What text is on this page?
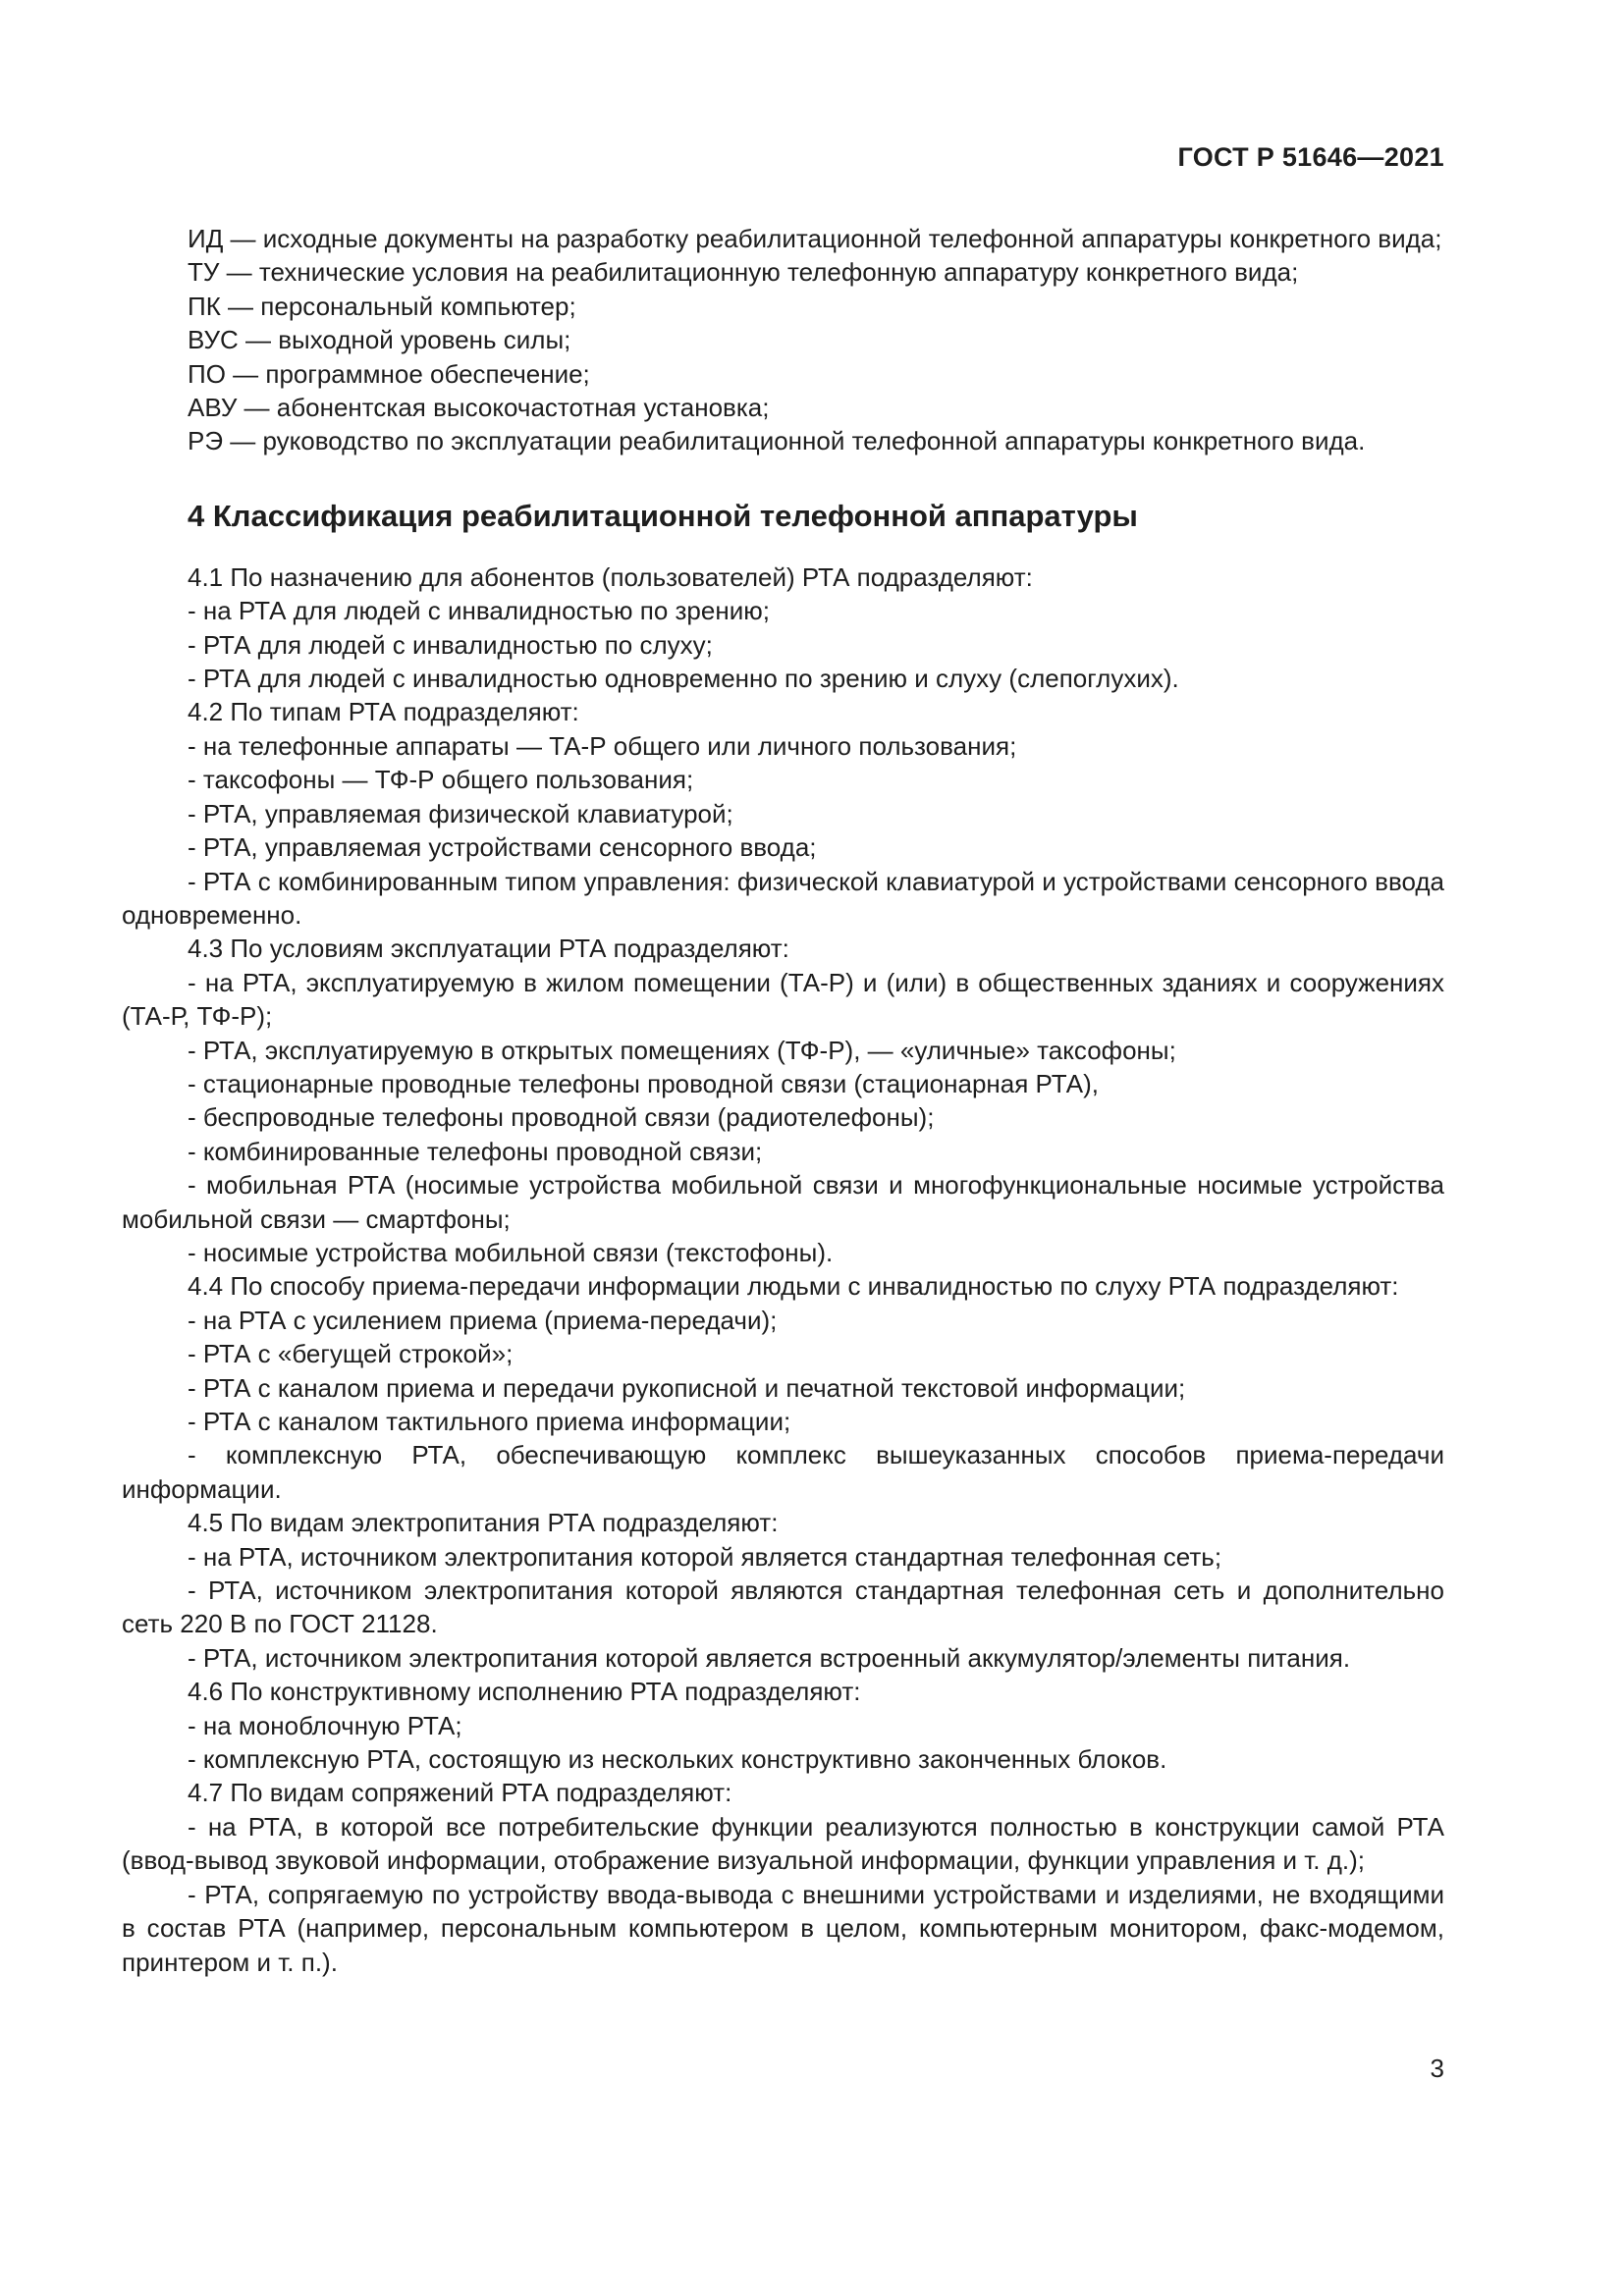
ГОСТ Р 51646—2021

ИД — исходные документы на разработку реабилитационной телефонной аппаратуры конкретного вида;

ТУ — технические условия на реабилитационную телефонную аппаратуру конкретного вида;

ПК — персональный компьютер;

ВУС — выходной уровень силы;

ПО — программное обеспечение;

АВУ — абонентская высокочастотная установка;

РЭ — руководство по эксплуатации реабилитационной телефонной аппаратуры конкретного вида.

4 Классификация реабилитационной телефонной аппаратуры

4.1 По назначению для абонентов (пользователей) РТА подразделяют:

- на РТА для людей с инвалидностью по зрению;

- РТА для людей с инвалидностью по слуху;

- РТА для людей с инвалидностью одновременно по зрению и слуху (слепоглухих).

4.2 По типам РТА подразделяют:

- на телефонные аппараты — ТА-Р общего или личного пользования;

- таксофоны — ТФ-Р общего пользования;

- РТА, управляемая физической клавиатурой;

- РТА, управляемая устройствами сенсорного ввода;

- РТА с комбинированным типом управления: физической клавиатурой и устройствами сенсорного ввода одновременно.

4.3 По условиям эксплуатации РТА подразделяют:

- на РТА, эксплуатируемую в жилом помещении (ТА-Р) и (или) в общественных зданиях и сооружениях (ТА-Р, ТФ-Р);

- РТА, эксплуатируемую в открытых помещениях (ТФ-Р), — «уличные» таксофоны;

- стационарные проводные телефоны проводной связи (стационарная РТА),

- беспроводные телефоны проводной связи (радиотелефоны);

- комбинированные телефоны проводной связи;

- мобильная РТА (носимые устройства мобильной связи и многофункциональные носимые устройства мобильной связи — смартфоны;

- носимые устройства мобильной связи (текстофоны).

4.4 По способу приема-передачи информации людьми с инвалидностью по слуху РТА подразделяют:

- на РТА с усилением приема (приема-передачи);

- РТА с «бегущей строкой»;

- РТА с каналом приема и передачи рукописной и печатной текстовой информации;

- РТА с каналом тактильного приема информации;

- комплексную РТА, обеспечивающую комплекс вышеуказанных способов приема-передачи информации.

4.5 По видам электропитания РТА подразделяют:

- на РТА, источником электропитания которой является стандартная телефонная сеть;

- РТА, источником электропитания которой являются стандартная телефонная сеть и дополнительно сеть 220 В по ГОСТ 21128.

- РТА, источником электропитания которой является встроенный аккумулятор/элементы питания.

4.6 По конструктивному исполнению РТА подразделяют:

- на моноблочную РТА;

- комплексную РТА, состоящую из нескольких конструктивно законченных блоков.

4.7 По видам сопряжений РТА подразделяют:

- на РТА, в которой все потребительские функции реализуются полностью в конструкции самой РТА (ввод-вывод звуковой информации, отображение визуальной информации, функции управления и т. д.);

- РТА, сопрягаемую по устройству ввода-вывода с внешними устройствами и изделиями, не входящими в состав РТА (например, персональным компьютером в целом, компьютерным монитором, факс-модемом, принтером и т. п.).

3
